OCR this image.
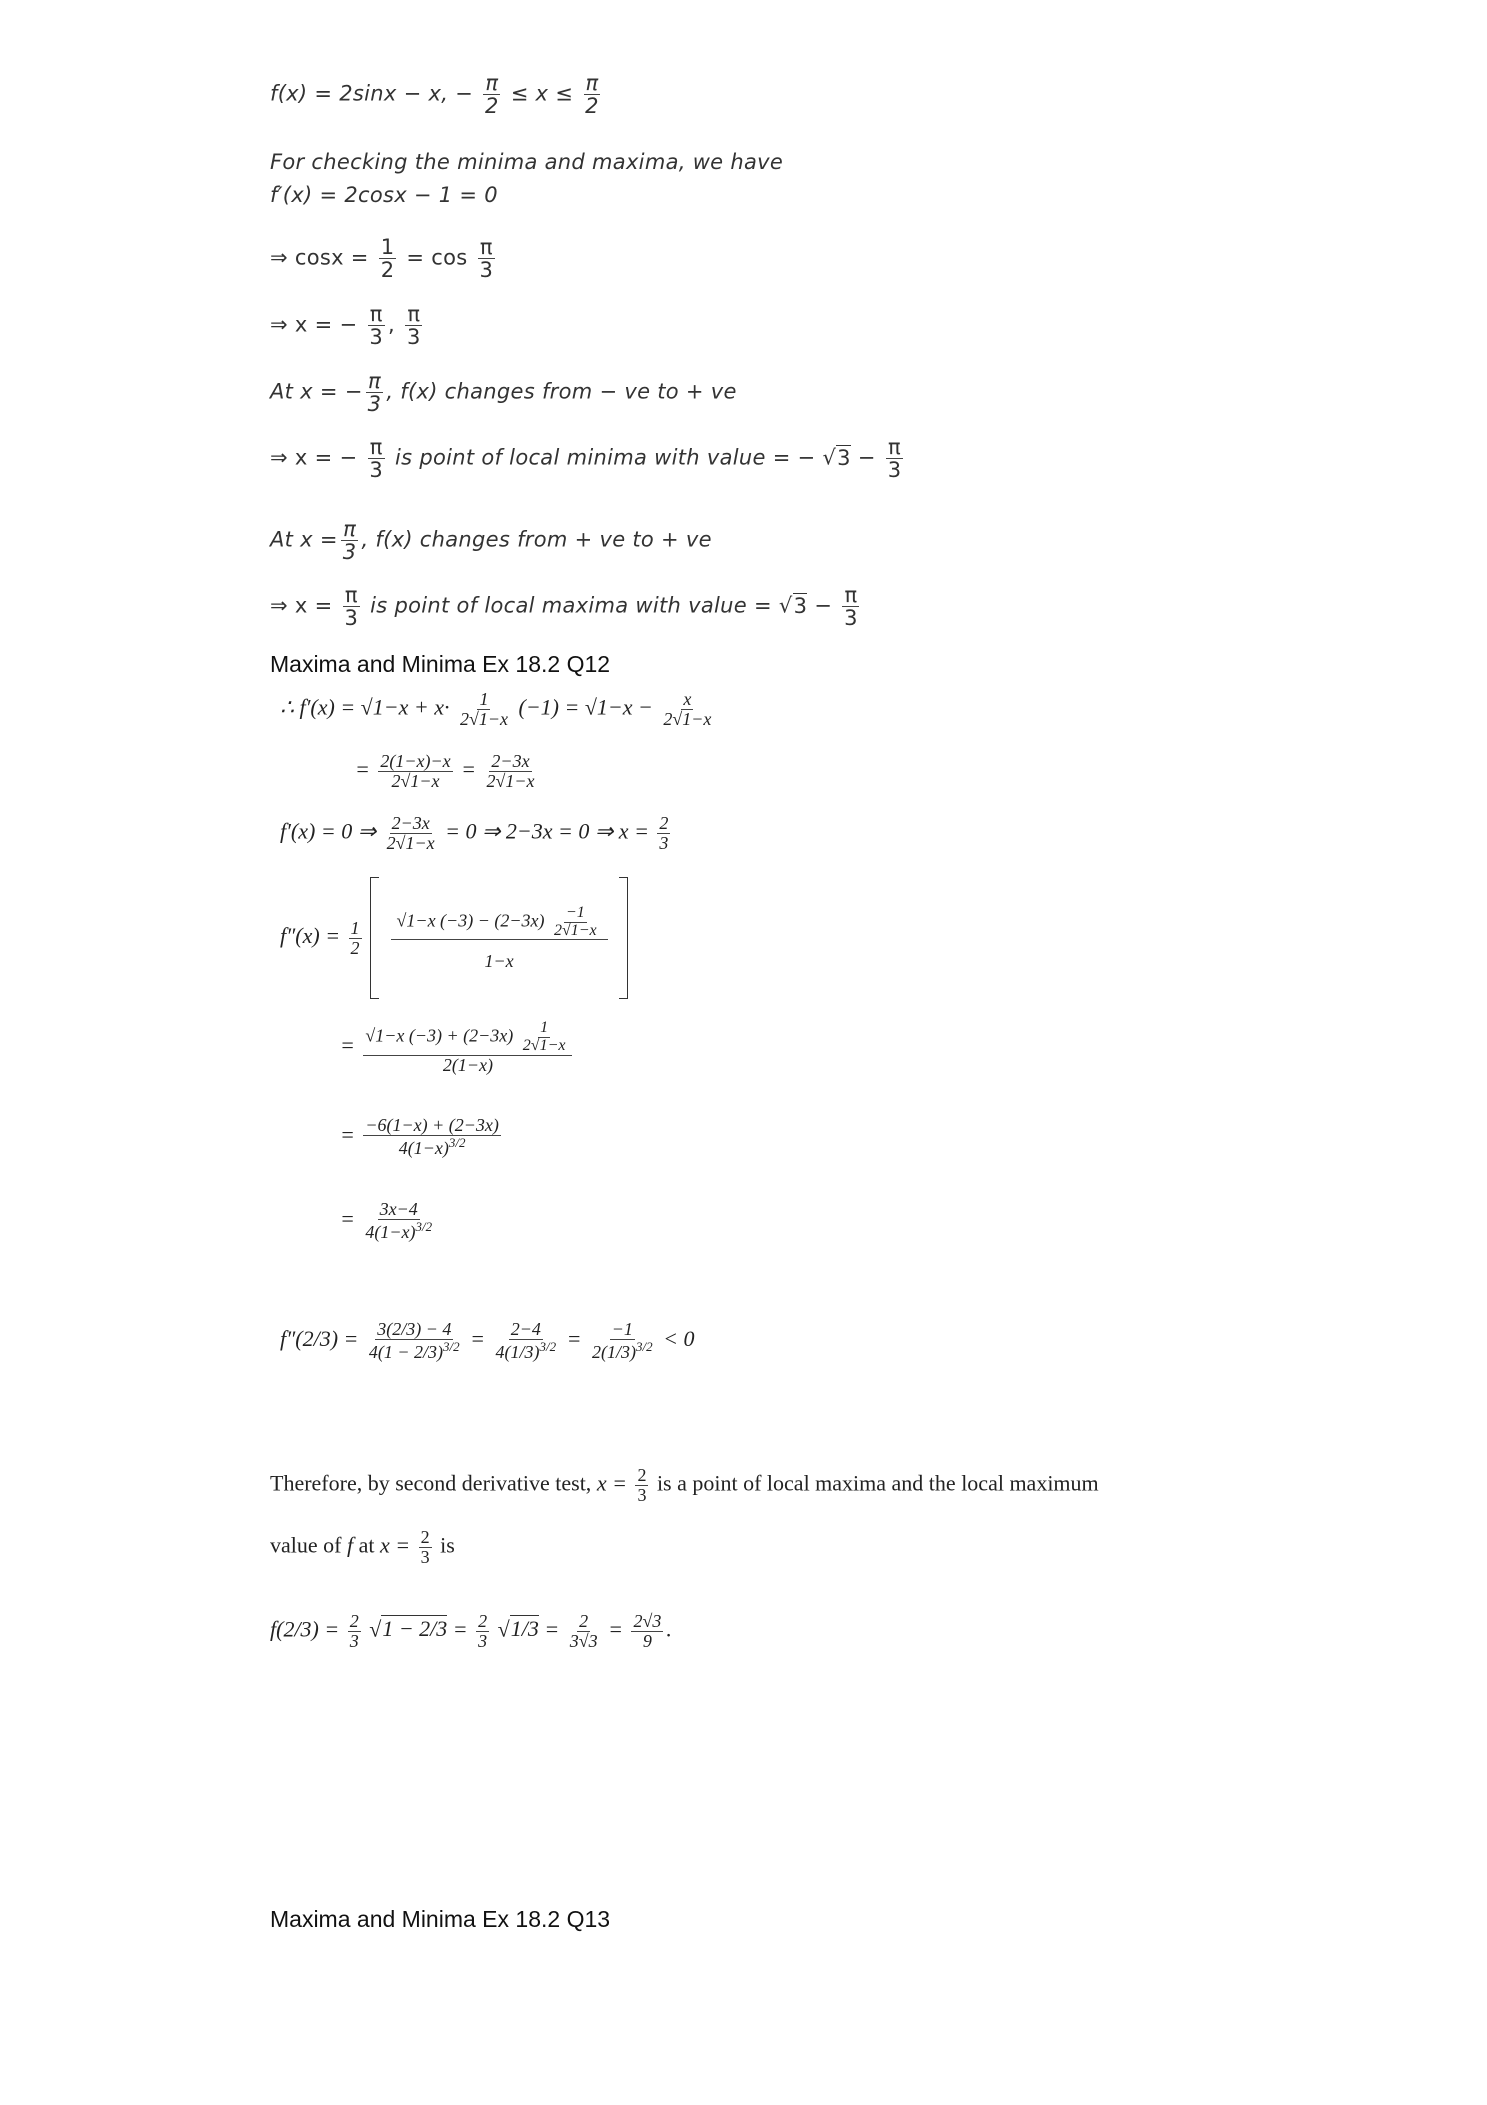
f(x) = 2sinx − x, − $\frac{\pi}{2} \le x \le \frac{\pi}{2}$
For checking the minima and maxima, we have
f′(x) = 2cosx − 1 = 0
⇒ $\cos x = \frac{1}{2} = \cos \frac{\pi}{3}$
⇒ x = − $\frac{\pi}{3}$ , $\frac{\pi}{3}$
At x = − $\frac{\pi}{3}$ , f(x) changes from − ve to + ve
⇒ x = − $\frac{\pi}{3}$ is point of local minima with value = − $√3 - \frac{\pi}{3}$
At $x = \frac{\pi}{3}$ , f(x) changes from + ve to + ve
⇒ $x = \frac{\pi}{3}$ is point of local maxima with value = $√3 - \frac{\pi}{3}$
Maxima and Minima Ex 18.2 Q12
∴ $f'(x) = √1-x + x\cdot \frac{1}{2√1-x} (-1) = √1-x - \frac{x}{2√1-x}$
= $\frac{2(1-x)-x}{2√1-x} = \frac{2-3x}{2√1-x}$
f′(x) = 0 ⇒ $\frac{2-3x}{2√1-x} = 0$ ⇒ 2−3x = 0 ⇒ $x = \frac{2}{3}$
$f''(x) = \frac{1}{2}$
$\frac{√1-x (-3) - (2-3x) \frac{-1}{2√1-x}}{1-x}$

= $\frac{√1-x (-3) + (2-3x) \frac{1}{2√1-x}}{2(1-x)}$
= $\frac{-6(1-x) + (2-3x)}{4(1-x)^{3/2}}$
= $\frac{3x-4}{4(1-x)^{3/2}}$
$f''(2/3) = \frac{3(2/3) - 4}{4(1 - 2/3)^{3/2}} = \frac{2-4}{4(1/3)^{3/2}} = \frac{-1}{2(1/3)^{3/2}} < 0$
Therefore, by second derivative test, $x = \frac{2}{3}$ is a point of local maxima and the local maximum
value of f at $x = \frac{2}{3}$ is
$f(2/3) = \frac{2}{3} √1 - 2/3 = \frac{2}{3} √1/3 = \frac{2}{3√3} = \frac{2√3}{9}$ .
Maxima and Minima Ex 18.2 Q13
